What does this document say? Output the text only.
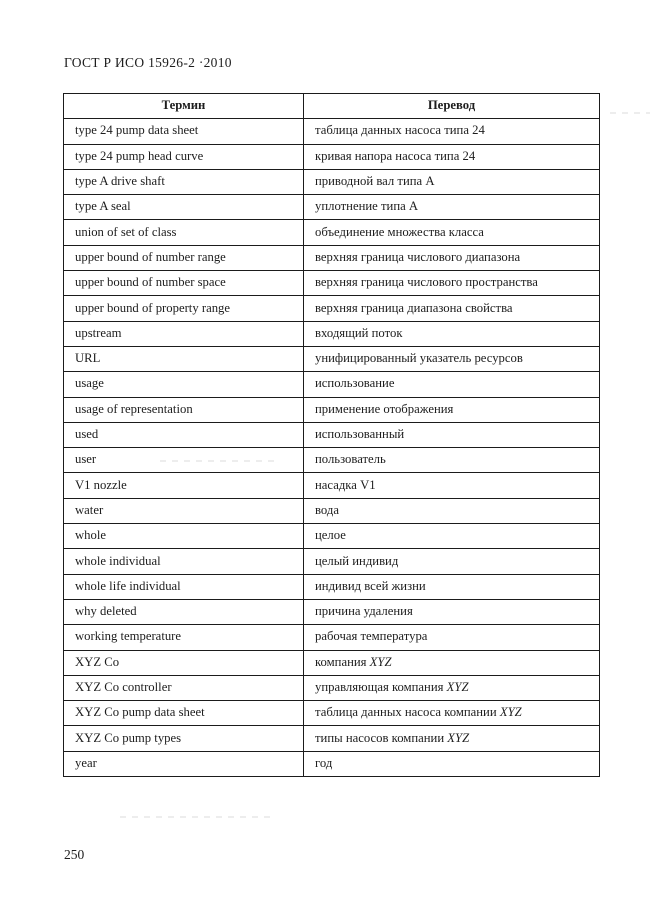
ГОСТ Р ИСО 15926-2 ·2010
Термин	Перевод
type 24 pump data sheet	таблица данных насоса типа 24
type 24 pump head curve	кривая напора насоса типа 24
type A drive shaft	приводной вал типа А
type A seal	уплотнение типа А
union of set of class	объединение множества класса
upper bound of number range	верхняя граница числового диапазона
upper bound of number space	верхняя граница числового пространства
upper bound of property range	верхняя граница диапазона свойства
upstream	входящий поток
URL	унифицированный указатель ресурсов
usage	использование
usage of representation	применение отображения
used	использованный
user	пользователь
V1 nozzle	насадка V1
water	вода
whole	целое
whole individual	целый индивид
whole life individual	индивид всей жизни
why deleted	причина удаления
working temperature	рабочая температура
XYZ Co	компания XYZ
XYZ Co controller	управляющая компания XYZ
XYZ Co pump data sheet	таблица данных насоса компании XYZ
XYZ Co pump types	типы насосов компании XYZ
year	год
250
